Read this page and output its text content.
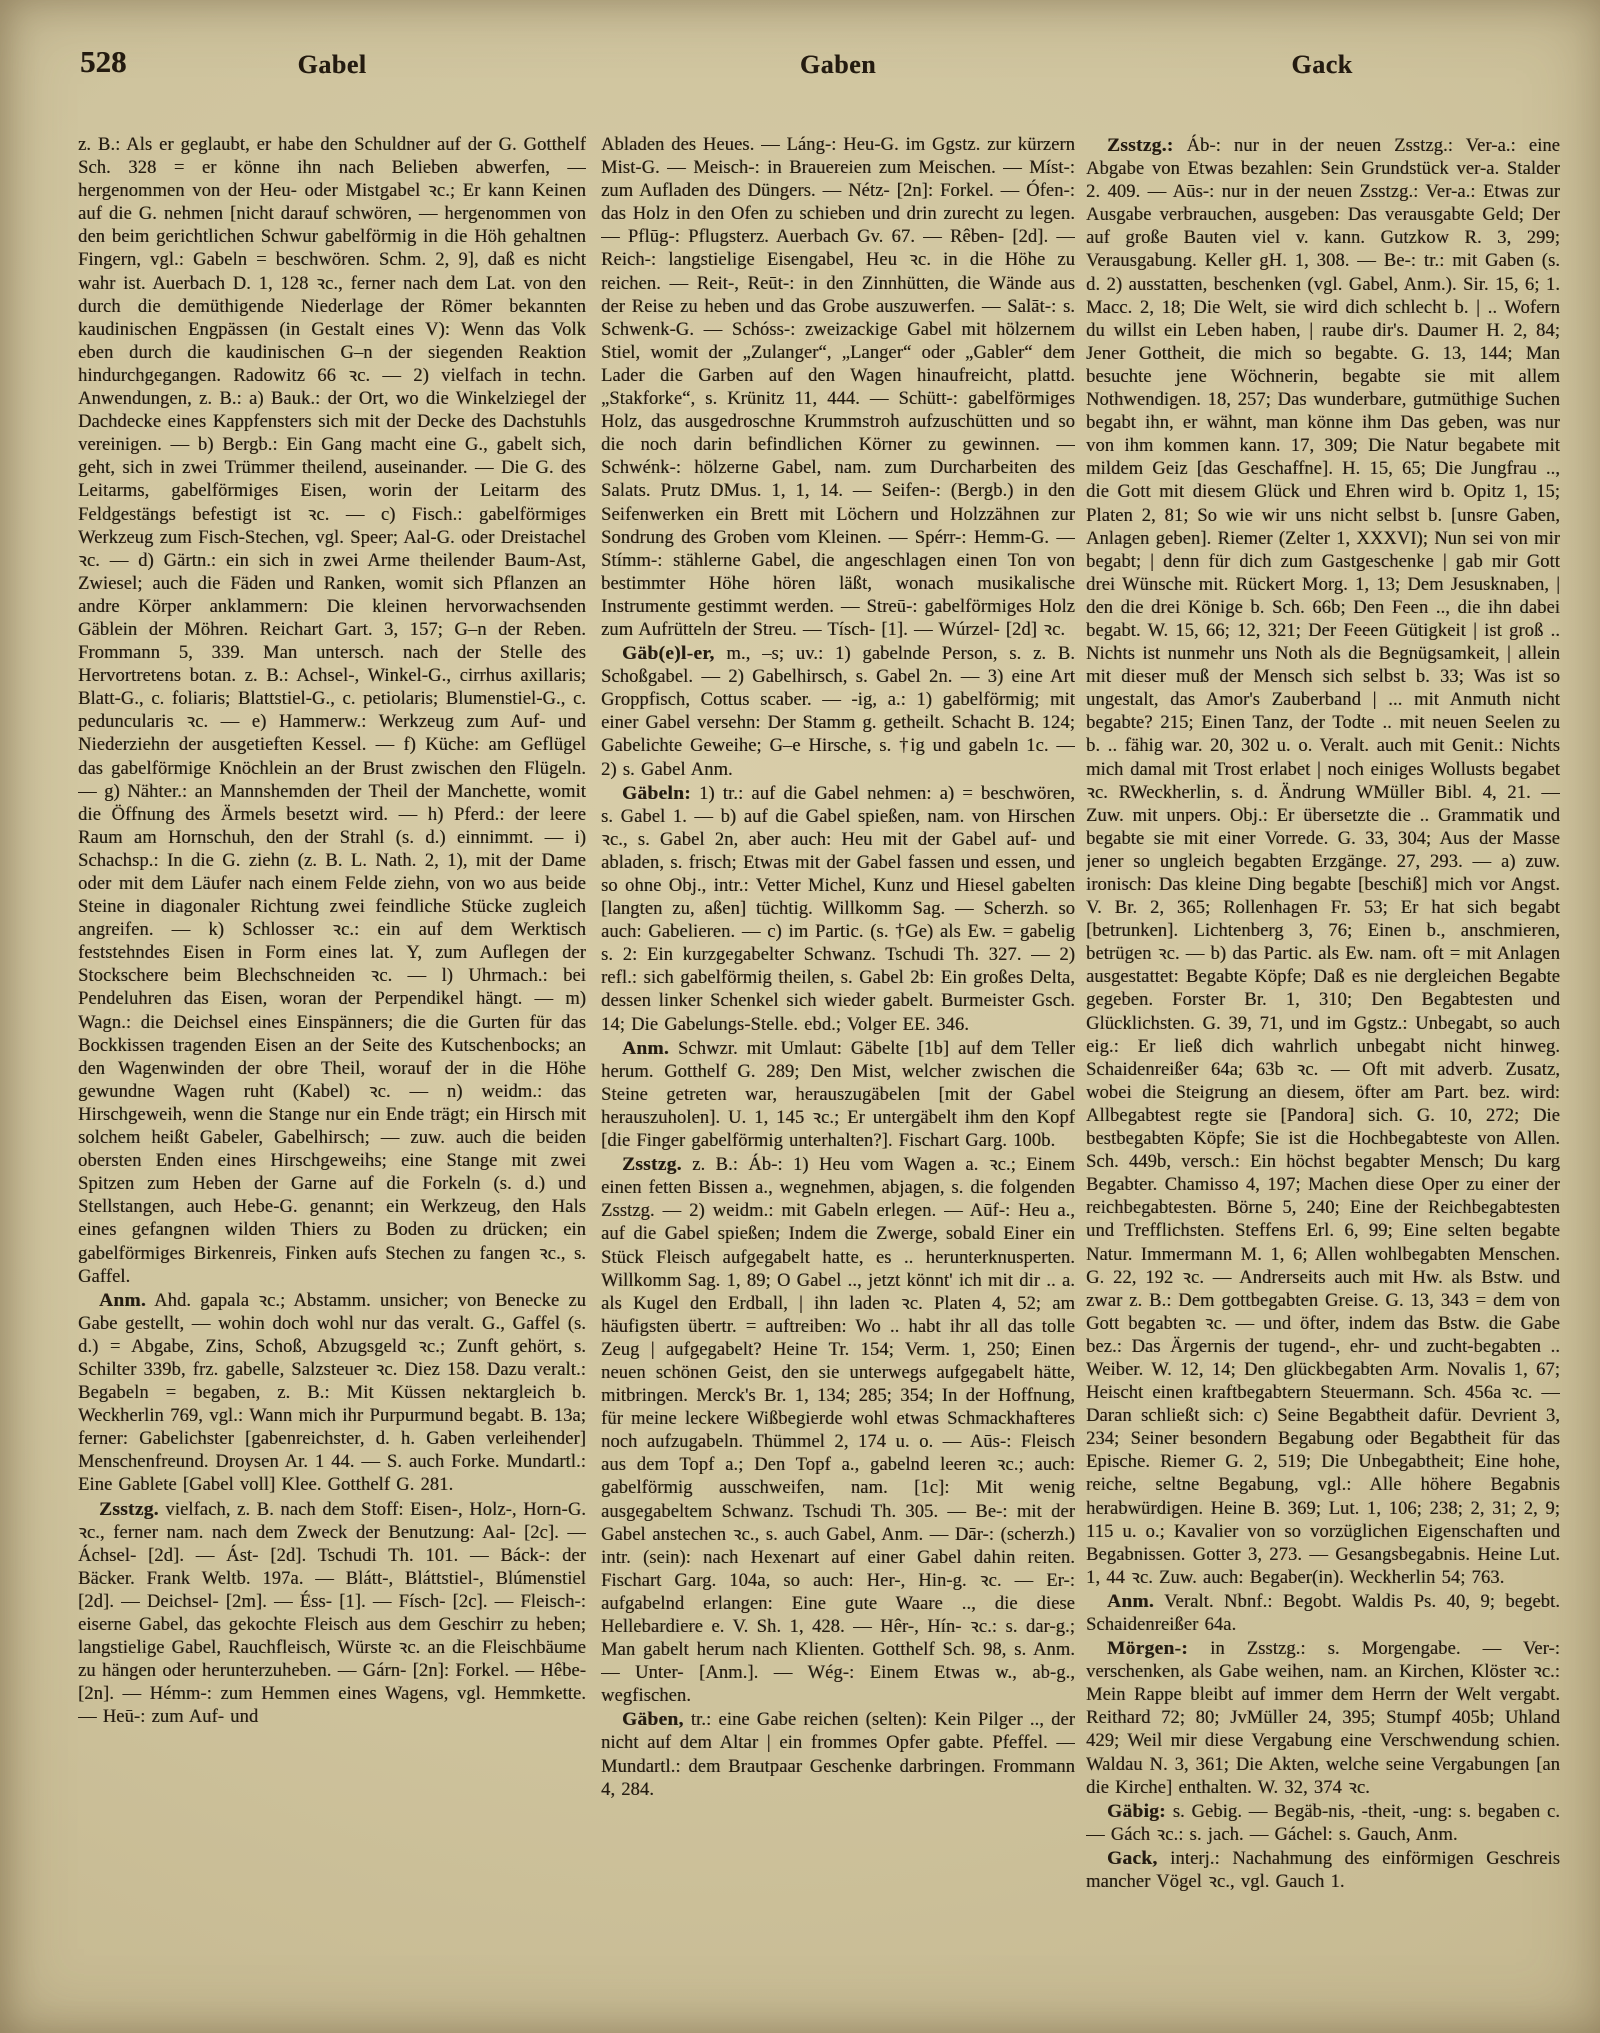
528	Gabel	Gaben	Gack

z. B.: Als er geglaubt, er habe den Schuldner auf der G. Gotthelf Sch. 328 = er könne ihn nach Belieben abwerfen, — hergenommen von der Heu- oder Mistgabel ꝛc.; Er kann Keinen auf die G. nehmen [nicht darauf schwören, — hergenommen von den beim gerichtlichen Schwur gabelförmig in die Höh gehaltnen Fingern, vgl.: Gabeln = beschwören. Schm. 2, 9], daß es nicht wahr ist. Auerbach D. 1, 128 ꝛc., ferner nach dem Lat. von den durch die demüthigende Niederlage der Römer bekannten kaudinischen Engpässen (in Gestalt eines V): Wenn das Volk eben durch die kaudinischen G–n der siegenden Reaktion hindurchgegangen. Radowitz 66 ꝛc. — 2) vielfach in techn. Anwendungen, z. B.: a) Bauk.: der Ort, wo die Winkelziegel der Dachdecke eines Kappfensters sich mit der Decke des Dachstuhls vereinigen. — b) Bergb.: Ein Gang macht eine G., gabelt sich, geht, sich in zwei Trümmer theilend, auseinander. — Die G. des Leitarms, gabelförmiges Eisen, worin der Leitarm des Feldgestängs befestigt ist ꝛc. — c) Fisch.: gabelförmiges Werkzeug zum Fisch-Stechen, vgl. Speer; Aal-G. oder Dreistachel ꝛc. — d) Gärtn.: ein sich in zwei Arme theilender Baum-Ast, Zwiesel; auch die Fäden und Ranken, womit sich Pflanzen an andre Körper anklammern: Die kleinen hervorwachsenden Gäblein der Möhren. Reichart Gart. 3, 157; G–n der Reben. Frommann 5, 339. Man untersch. nach der Stelle des Hervortretens botan. z. B.: Achsel-, Winkel-G., cirrhus axillaris; Blatt-G., c. foliaris; Blattstiel-G., c. petiolaris; Blumenstiel-G., c. peduncularis ꝛc. — e) Hammerw.: Werkzeug zum Auf- und Niederziehn der ausgetieften Kessel. — f) Küche: am Geflügel das gabelförmige Knöchlein an der Brust zwischen den Flügeln. — g) Nähter.: an Mannshemden der Theil der Manchette, womit die Öffnung des Ärmels besetzt wird. — h) Pferd.: der leere Raum am Hornschuh, den der Strahl (s. d.) einnimmt. — i) Schachsp.: In die G. ziehn (z. B. L. Nath. 2, 1), mit der Dame oder mit dem Läufer nach einem Felde ziehn, von wo aus beide Steine in diagonaler Richtung zwei feindliche Stücke zugleich angreifen. — k) Schlosser ꝛc.: ein auf dem Werktisch feststehndes Eisen in Form eines lat. Y, zum Auflegen der Stockschere beim Blechschneiden ꝛc. — l) Uhrmach.: bei Pendeluhren das Eisen, woran der Perpendikel hängt. — m) Wagn.: die Deichsel eines Einspänners; die die Gurten für das Bockkissen tragenden Eisen an der Seite des Kutschenbocks; an den Wagenwinden der obre Theil, worauf der in die Höhe gewundne Wagen ruht (Kabel) ꝛc. — n) weidm.: das Hirschgeweih, wenn die Stange nur ein Ende trägt; ein Hirsch mit solchem heißt Gabeler, Gabelhirsch; — zuw. auch die beiden obersten Enden eines Hirschgeweihs; eine Stange mit zwei Spitzen zum Heben der Garne auf die Forkeln (s. d.) und Stellstangen, auch Hebe-G. genannt; ein Werkzeug, den Hals eines gefangnen wilden Thiers zu Boden zu drücken; ein gabelförmiges Birkenreis, Finken aufs Stechen zu fangen ꝛc., s. Gaffel.

Anm. Ahd. gapala ꝛc.; Abstamm. unsicher; von Benecke zu Gabe gestellt, — wohin doch wohl nur das veralt. G., Gaffel (s. d.) = Abgabe, Zins, Schoß, Abzugsgeld ꝛc.; Zunft gehört, s. Schilter 339b, frz. gabelle, Salzsteuer ꝛc. Diez 158. Dazu veralt.: Begabeln = begaben, z. B.: Mit Küssen nektargleich b. Weckherlin 769, vgl.: Wann mich ihr Purpurmund begabt. B. 13a; ferner: Gabelichster [gabenreichster, d. h. Gaben verleihender] Menschenfreund. Droysen Ar. 1 44. — S. auch Forke. Mundartl.: Eine Gablete [Gabel voll] Klee. Gotthelf G. 281.

Zsstzg. vielfach, z. B. nach dem Stoff: Eisen-, Holz-, Horn-G. ꝛc., ferner nam. nach dem Zweck der Benutzung: Aal- [2c]. — Áchsel- [2d]. — Ást- [2d]. Tschudi Th. 101. — Báck-: der Bäcker. Frank Weltb. 197a. — Blátt-, Bláttstiel-, Blúmenstiel [2d]. — Deichsel- [2m]. — Éss- [1]. — Físch- [2c]. — Fleisch-: eiserne Gabel, das gekochte Fleisch aus dem Geschirr zu heben; langstielige Gabel, Rauchfleisch, Würste ꝛc. an die Fleischbäume zu hängen oder herunterzuheben. — Gárn- [2n]: Forkel. — Hêbe- [2n]. — Hémm-: zum Hemmen eines Wagens, vgl. Hemmkette. — Heū-: zum Auf- und

Abladen des Heues. — Láng-: Heu-G. im Ggstz. zur kürzern Mist-G. — Meisch-: in Brauereien zum Meischen. — Míst-: zum Aufladen des Düngers. — Nétz- [2n]: Forkel. — Ófen-: das Holz in den Ofen zu schieben und drin zurecht zu legen. — Pflūg-: Pflugsterz. Auerbach Gv. 67. — Rêben- [2d]. — Reich-: langstielige Eisengabel, Heu ꝛc. in die Höhe zu reichen. — Reit-, Reūt-: in den Zinnhütten, die Wände aus der Reise zu heben und das Grobe auszuwerfen. — Salāt-: s. Schwenk-G. — Schóss-: zweizackige Gabel mit hölzernem Stiel, womit der „Zulanger“, „Langer“ oder „Gabler“ dem Lader die Garben auf den Wagen hinaufreicht, plattd. „Stakforke“, s. Krünitz 11, 444. — Schütt-: gabelförmiges Holz, das ausgedroschne Krummstroh aufzuschütten und so die noch darin befindlichen Körner zu gewinnen. — Schwénk-: hölzerne Gabel, nam. zum Durcharbeiten des Salats. Prutz DMus. 1, 1, 14. — Seifen-: (Bergb.) in den Seifenwerken ein Brett mit Löchern und Holzzähnen zur Sondrung des Groben vom Kleinen. — Spérr-: Hemm-G. — Stímm-: stählerne Gabel, die angeschlagen einen Ton von bestimmter Höhe hören läßt, wonach musikalische Instrumente gestimmt werden. — Streū-: gabelförmiges Holz zum Aufrütteln der Streu. — Tísch- [1]. — Wúrzel- [2d] ꝛc.

Gäb(e)l-er, m., –s; uv.: 1) gabelnde Person, s. z. B. Schoßgabel. — 2) Gabelhirsch, s. Gabel 2n. — 3) eine Art Groppfisch, Cottus scaber. — -ig, a.: 1) gabelförmig; mit einer Gabel versehn: Der Stamm g. getheilt. Schacht B. 124; Gabelichte Geweihe; G–e Hirsche, s. †ig und gabeln 1c. — 2) s. Gabel Anm.

Gäbeln: 1) tr.: auf die Gabel nehmen: a) = beschwören, s. Gabel 1. — b) auf die Gabel spießen, nam. von Hirschen ꝛc., s. Gabel 2n, aber auch: Heu mit der Gabel auf- und abladen, s. frisch; Etwas mit der Gabel fassen und essen, und so ohne Obj., intr.: Vetter Michel, Kunz und Hiesel gabelten [langten zu, aßen] tüchtig. Willkomm Sag. — Scherzh. so auch: Gabelieren. — c) im Partic. (s. †Ge) als Ew. = gabelig s. 2: Ein kurzgegabelter Schwanz. Tschudi Th. 327. — 2) refl.: sich gabelförmig theilen, s. Gabel 2b: Ein großes Delta, dessen linker Schenkel sich wieder gabelt. Burmeister Gsch. 14; Die Gabelungs-Stelle. ebd.; Volger EE. 346.

Anm. Schwzr. mit Umlaut: Gäbelte [1b] auf dem Teller herum. Gotthelf G. 289; Den Mist, welcher zwischen die Steine getreten war, herauszugäbelen [mit der Gabel herauszuholen]. U. 1, 145 ꝛc.; Er untergäbelt ihm den Kopf [die Finger gabelförmig unterhalten?]. Fischart Garg. 100b.

Zsstzg. z. B.: Áb-: 1) Heu vom Wagen a. ꝛc.; Einem einen fetten Bissen a., wegnehmen, abjagen, s. die folgenden Zsstzg. — 2) weidm.: mit Gabeln erlegen. — Aūf-: Heu a., auf die Gabel spießen; Indem die Zwerge, sobald Einer ein Stück Fleisch aufgegabelt hatte, es .. herunterknusperten. Willkomm Sag. 1, 89; O Gabel .., jetzt könnt' ich mit dir .. a. als Kugel den Erdball, | ihn laden ꝛc. Platen 4, 52; am häufigsten übertr. = auftreiben: Wo .. habt ihr all das tolle Zeug | aufgegabelt? Heine Tr. 154; Verm. 1, 250; Einen neuen schönen Geist, den sie unterwegs aufgegabelt hätte, mitbringen. Merck's Br. 1, 134; 285; 354; In der Hoffnung, für meine leckere Wißbegierde wohl etwas Schmackhafteres noch aufzugabeln. Thümmel 2, 174 u. o. — Aūs-: Fleisch aus dem Topf a.; Den Topf a., gabelnd leeren ꝛc.; auch: gabelförmig ausschweifen, nam. [1c]: Mit wenig ausgegabeltem Schwanz. Tschudi Th. 305. — Be-: mit der Gabel anstechen ꝛc., s. auch Gabel, Anm. — Dār-: (scherzh.) intr. (sein): nach Hexenart auf einer Gabel dahin reiten. Fischart Garg. 104a, so auch: Her-, Hin-g. ꝛc. — Er-: aufgabelnd erlangen: Eine gute Waare .., die diese Hellebardiere e. V. Sh. 1, 428. — Hêr-, Hín- ꝛc.: s. dar-g.; Man gabelt herum nach Klienten. Gotthelf Sch. 98, s. Anm. — Unter- [Anm.]. — Wég-: Einem Etwas w., ab-g., wegfischen.

Gäben, tr.: eine Gabe reichen (selten): Kein Pilger .., der nicht auf dem Altar | ein frommes Opfer gabte. Pfeffel. — Mundartl.: dem Brautpaar Geschenke darbringen. Frommann 4, 284.

Zsstzg.: Áb-: nur in der neuen Zsstzg.: Ver-a.: eine Abgabe von Etwas bezahlen: Sein Grundstück ver-a. Stalder 2. 409. — Aūs-: nur in der neuen Zsstzg.: Ver-a.: Etwas zur Ausgabe verbrauchen, ausgeben: Das verausgabte Geld; Der auf große Bauten viel v. kann. Gutzkow R. 3, 299; Verausgabung. Keller gH. 1, 308. — Be-: tr.: mit Gaben (s. d. 2) ausstatten, beschenken (vgl. Gabel, Anm.). Sir. 15, 6; 1. Macc. 2, 18; Die Welt, sie wird dich schlecht b. | .. Wofern du willst ein Leben haben, | raube dir's. Daumer H. 2, 84; Jener Gottheit, die mich so begabte. G. 13, 144; Man besuchte jene Wöchnerin, begabte sie mit allem Nothwendigen. 18, 257; Das wunderbare, gutmüthige Suchen begabt ihn, er wähnt, man könne ihm Das geben, was nur von ihm kommen kann. 17, 309; Die Natur begabete mit mildem Geiz [das Geschaffne]. H. 15, 65; Die Jungfrau .., die Gott mit diesem Glück und Ehren wird b. Opitz 1, 15; Platen 2, 81; So wie wir uns nicht selbst b. [unsre Gaben, Anlagen geben]. Riemer (Zelter 1, XXXVI); Nun sei von mir begabt; | denn für dich zum Gastgeschenke | gab mir Gott drei Wünsche mit. Rückert Morg. 1, 13; Dem Jesusknaben, | den die drei Könige b. Sch. 66b; Den Feen .., die ihn dabei begabt. W. 15, 66; 12, 321; Der Feeen Gütigkeit | ist groß .. Nichts ist nunmehr uns Noth als die Begnügsamkeit, | allein mit dieser muß der Mensch sich selbst b. 33; Was ist so ungestalt, das Amor's Zauberband | ... mit Anmuth nicht begabte? 215; Einen Tanz, der Todte .. mit neuen Seelen zu b. .. fähig war. 20, 302 u. o. Veralt. auch mit Genit.: Nichts mich damal mit Trost erlabet | noch einiges Wollusts begabet ꝛc. RWeckherlin, s. d. Ändrung WMüller Bibl. 4, 21. — Zuw. mit unpers. Obj.: Er übersetzte die .. Grammatik und begabte sie mit einer Vorrede. G. 33, 304; Aus der Masse jener so ungleich begabten Erzgänge. 27, 293. — a) zuw. ironisch: Das kleine Ding begabte [beschiß] mich vor Angst. V. Br. 2, 365; Rollenhagen Fr. 53; Er hat sich begabt [betrunken]. Lichtenberg 3, 76; Einen b., anschmieren, betrügen ꝛc. — b) das Partic. als Ew. nam. oft = mit Anlagen ausgestattet: Begabte Köpfe; Daß es nie dergleichen Begabte gegeben. Forster Br. 1, 310; Den Begabtesten und Glücklichsten. G. 39, 71, und im Ggstz.: Unbegabt, so auch eig.: Er ließ dich wahrlich unbegabt nicht hinweg. Schaidenreißer 64a; 63b ꝛc. — Oft mit adverb. Zusatz, wobei die Steigrung an diesem, öfter am Part. bez. wird: Allbegabtest regte sie [Pandora] sich. G. 10, 272; Die bestbegabten Köpfe; Sie ist die Hochbegabteste von Allen. Sch. 449b, versch.: Ein höchst begabter Mensch; Du karg Begabter. Chamisso 4, 197; Machen diese Oper zu einer der reichbegabtesten. Börne 5, 240; Eine der Reichbegabtesten und Trefflichsten. Steffens Erl. 6, 99; Eine selten begabte Natur. Immermann M. 1, 6; Allen wohlbegabten Menschen. G. 22, 192 ꝛc. — Andrerseits auch mit Hw. als Bstw. und zwar z. B.: Dem gottbegabten Greise. G. 13, 343 = dem von Gott begabten ꝛc. — und öfter, indem das Bstw. die Gabe bez.: Das Ärgernis der tugend-, ehr- und zucht-begabten .. Weiber. W. 12, 14; Den glückbegabten Arm. Novalis 1, 67; Heischt einen kraftbegabtern Steuermann. Sch. 456a ꝛc. — Daran schließt sich: c) Seine Begabtheit dafür. Devrient 3, 234; Seiner besondern Begabung oder Begabtheit für das Epische. Riemer G. 2, 519; Die Unbegabtheit; Eine hohe, reiche, seltne Begabung, vgl.: Alle höhere Begabnis herabwürdigen. Heine B. 369; Lut. 1, 106; 238; 2, 31; 2, 9; 115 u. o.; Kavalier von so vorzüglichen Eigenschaften und Begabnissen. Gotter 3, 273. — Gesangsbegabnis. Heine Lut. 1, 44 ꝛc. Zuw. auch: Begaber(in). Weckherlin 54; 763.

Anm. Veralt. Nbnf.: Begobt. Waldis Ps. 40, 9; begebt. Schaidenreißer 64a.

Mörgen-: in Zsstzg.: s. Morgengabe. — Ver-: verschenken, als Gabe weihen, nam. an Kirchen, Klöster ꝛc.: Mein Rappe bleibt auf immer dem Herrn der Welt vergabt. Reithard 72; 80; JvMüller 24, 395; Stumpf 405b; Uhland 429; Weil mir diese Vergabung eine Verschwendung schien. Waldau N. 3, 361; Die Akten, welche seine Vergabungen [an die Kirche] enthalten. W. 32, 374 ꝛc.

Gäbig: s. Gebig. — Begäb-nis, -theit, -ung: s. begaben c. — Gách ꝛc.: s. jach. — Gáchel: s. Gauch, Anm.

Gack, interj.: Nachahmung des einförmigen Geschreis mancher Vögel ꝛc., vgl. Gauch 1.
